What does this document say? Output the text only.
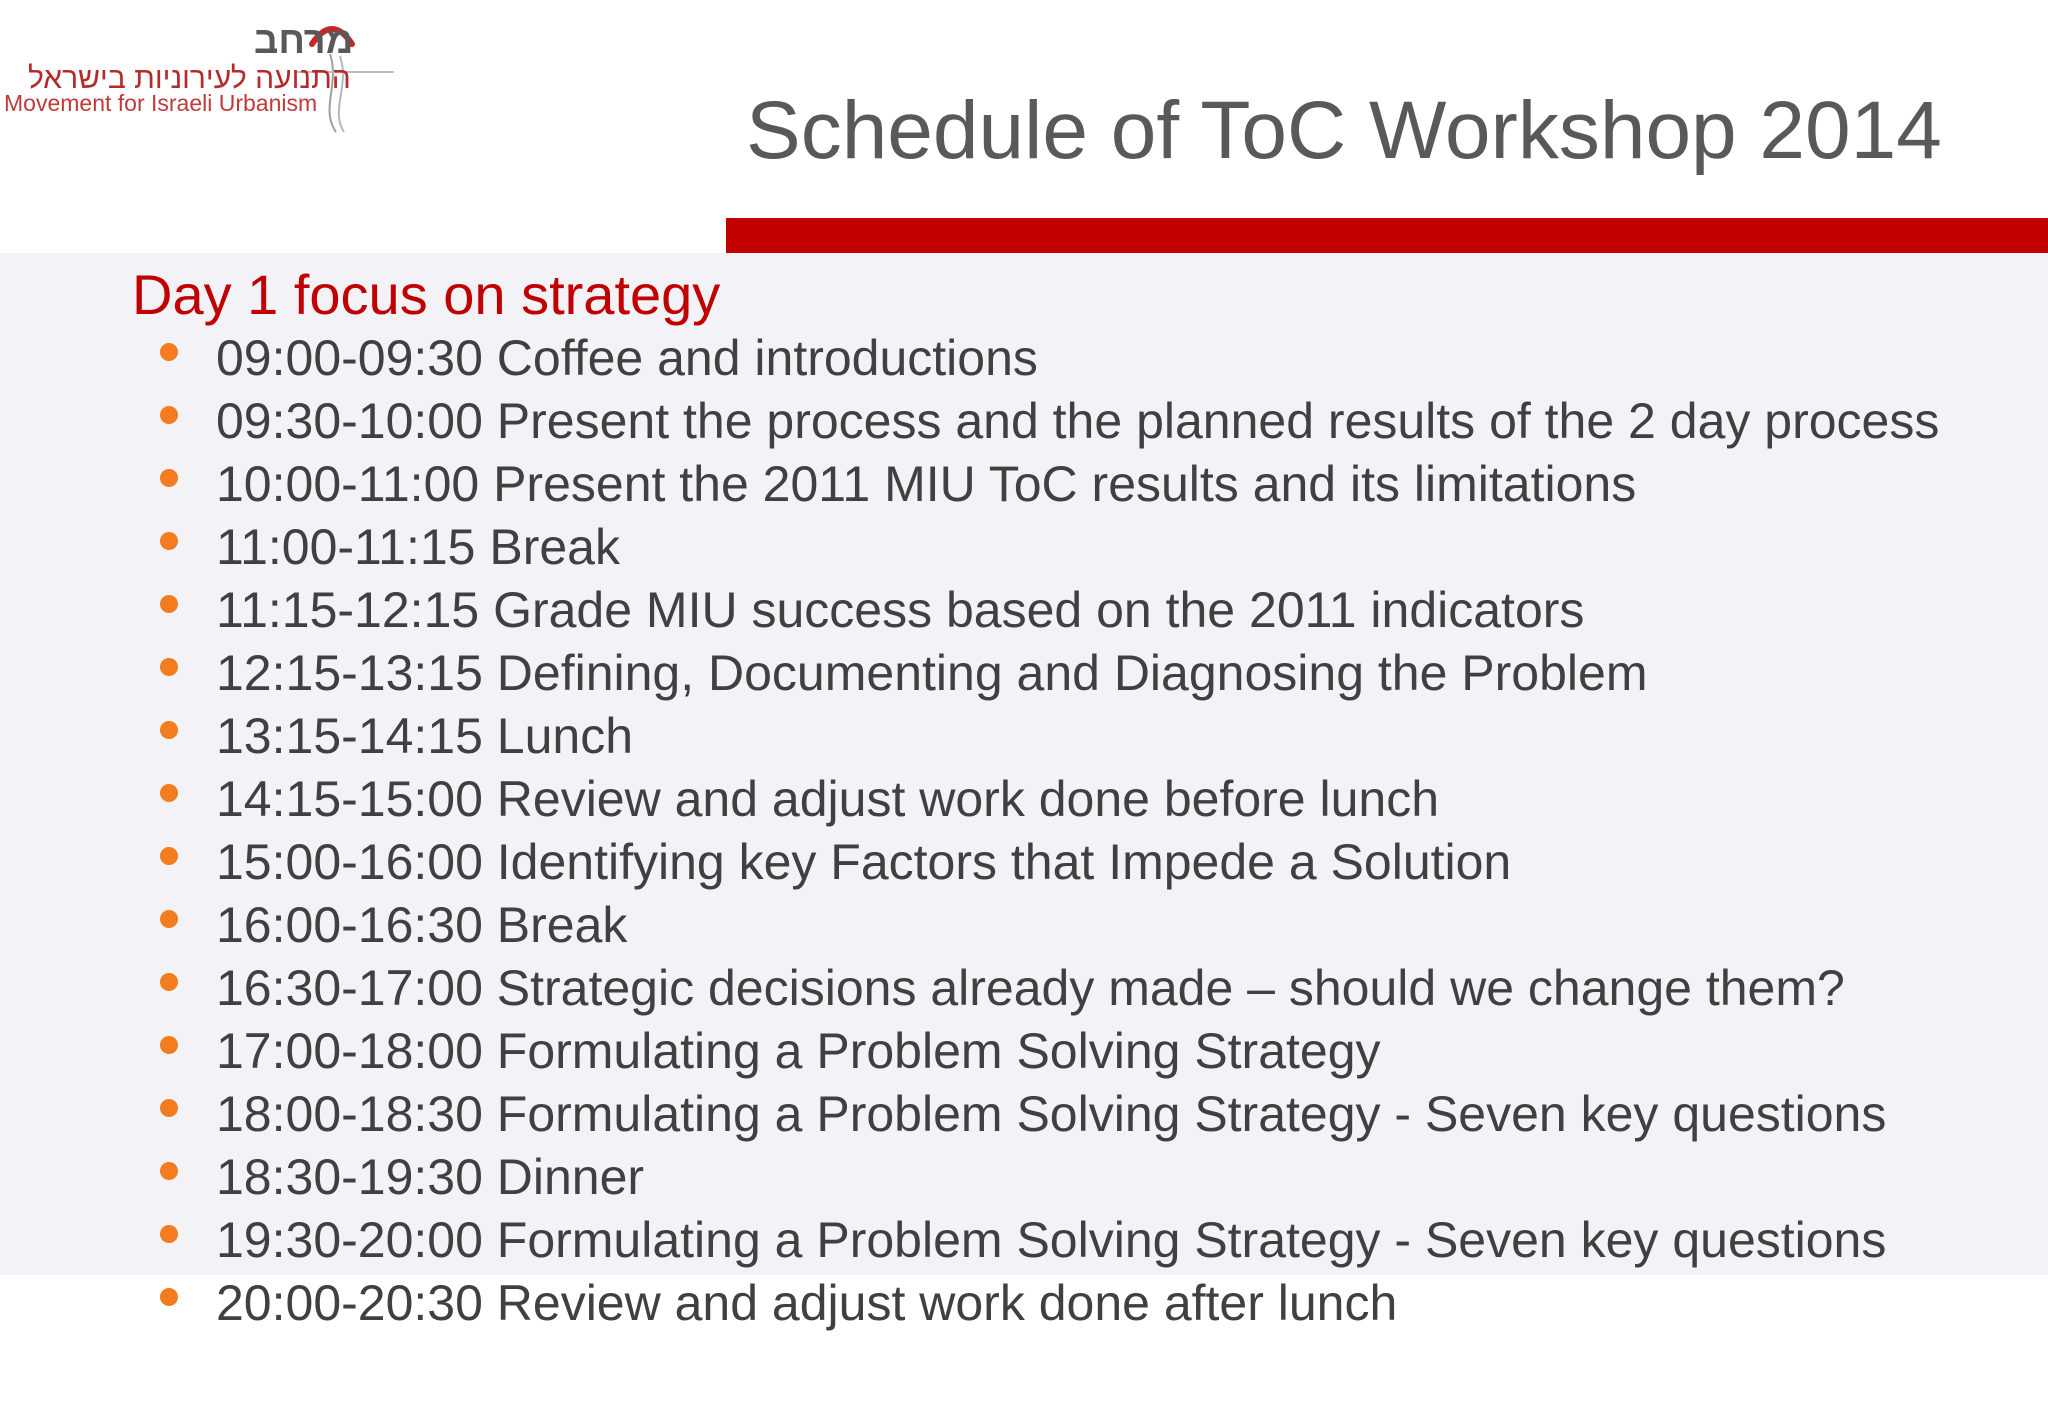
מרחב
התנועה לעירוניות בישראל
Movement for Israeli Urbanism	Schedule of ToC Workshop 2014
Day 1 focus on strategy
09:00-09:30 Coffee and introductions
09:30-10:00 Present the process and the planned results of the 2 day process
10:00-11:00 Present the 2011 MIU ToC results and its limitations
11:00-11:15 Break
11:15-12:15 Grade MIU success based on the 2011 indicators
12:15-13:15 Defining, Documenting and Diagnosing the Problem
13:15-14:15 Lunch
14:15-15:00 Review and adjust work done before lunch
15:00-16:00 Identifying key Factors that Impede a Solution
16:00-16:30 Break
16:30-17:00 Strategic decisions already made – should we change them?
17:00-18:00 Formulating a Problem Solving Strategy
18:00-18:30 Formulating a Problem Solving Strategy - Seven key questions
18:30-19:30 Dinner
19:30-20:00 Formulating a Problem Solving Strategy - Seven key questions
20:00-20:30 Review and adjust work done after lunch
